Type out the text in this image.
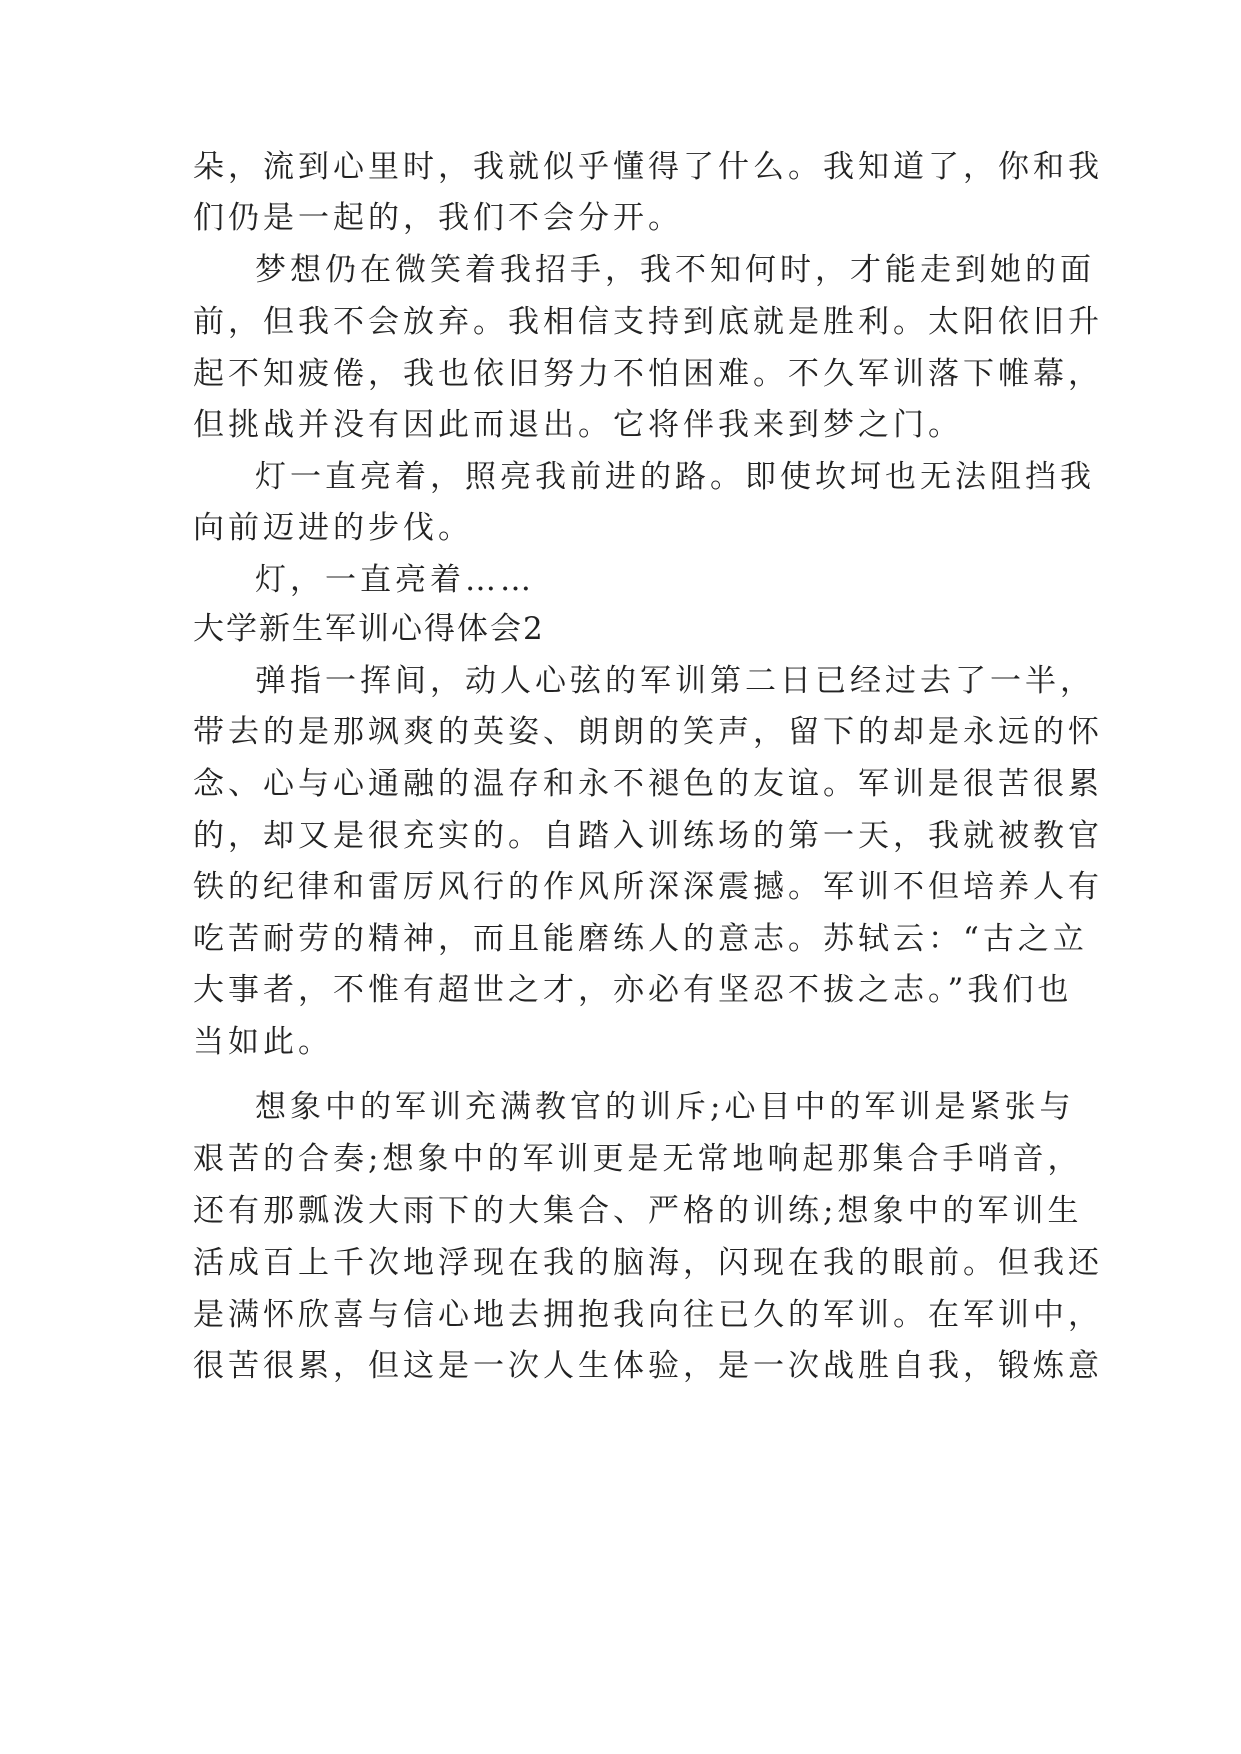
朵，流到心里时，我就似乎懂得了什么。我知道了，你和我
们仍是一起的，我们不会分开。
梦想仍在微笑着我招手，我不知何时，才能走到她的面
前，但我不会放弃。我相信支持到底就是胜利。太阳依旧升
起不知疲倦，我也依旧努力不怕困难。不久军训落下帷幕，
但挑战并没有因此而退出。它将伴我来到梦之门。
灯一直亮着，照亮我前进的路。即使坎坷也无法阻挡我
向前迈进的步伐。
灯，一直亮着……
大学新生军训心得体会2
弹指一挥间，动人心弦的军训第二日已经过去了一半，
带去的是那飒爽的英姿、朗朗的笑声，留下的却是永远的怀
念、心与心通融的温存和永不褪色的友谊。军训是很苦很累
的，却又是很充实的。自踏入训练场的第一天，我就被教官
铁的纪律和雷厉风行的作风所深深震撼。军训不但培养人有
吃苦耐劳的精神，而且能磨练人的意志。苏轼云：“古之立
大事者，不惟有超世之才，亦必有坚忍不拔之志。”我们也
当如此。
想象中的军训充满教官的训斥;心目中的军训是紧张与
艰苦的合奏;想象中的军训更是无常地响起那集合手哨音，
还有那瓢泼大雨下的大集合、严格的训练;想象中的军训生
活成百上千次地浮现在我的脑海，闪现在我的眼前。但我还
是满怀欣喜与信心地去拥抱我向往已久的军训。在军训中，
很苦很累，但这是一次人生体验，是一次战胜自我，锻炼意
